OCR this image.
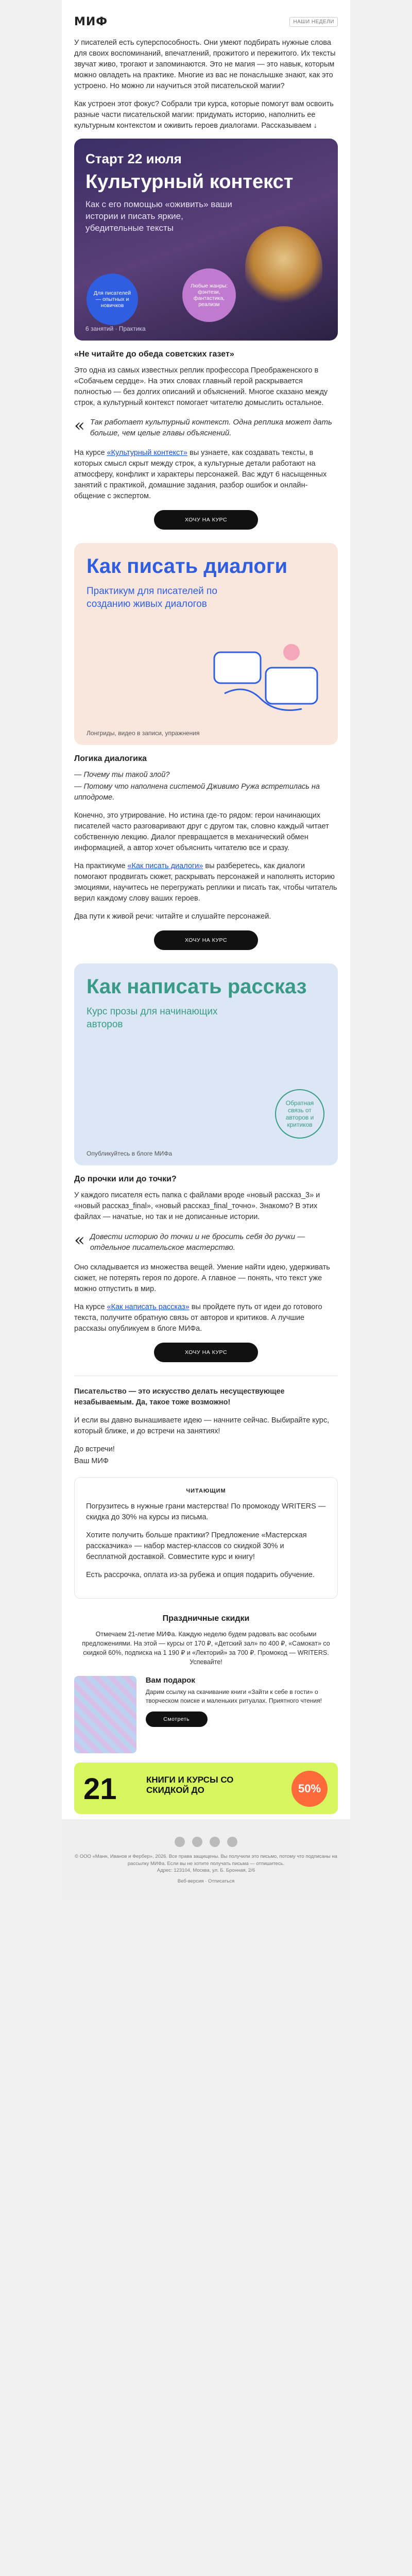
МИФ	НАШИ НЕДЕЛИ
У писателей есть суперспособность. Они умеют подбирать нужные слова для своих воспоминаний, впечатлений, прожитого и пережитого. Их тексты звучат живо, трогают и запоминаются. Это не магия — это навык, которым можно овладеть на практике. Многие из вас не понаслышке знают, как это устроено. Но можно ли научиться этой писательской магии?
Как устроен этот фокус? Собрали три курса, которые помогут вам освоить разные части писательской магии: придумать историю, наполнить ее культурным контекстом и оживить героев диалогами. Рассказываем ↓
Старт 22 июля
Культурный контекст
Как с его помощью «оживить» ваши истории и писать яркие, убедительные тексты
Для писателей — опытных и новичков
Любые жанры: фэнтези, фантастика, реализм
6 занятий · Практика
«Не читайте до обеда советских газет»
Это одна из самых известных реплик профессора Преображенского в «Собачьем сердце». На этих словах главный герой раскрывается полностью — без долгих описаний и объяснений. Многое сказано между строк, а культурный контекст помогает читателю домыслить остальное.
« Так работает культурный контекст. Одна реплика может дать больше, чем целые главы объяснений.
На курсе «Культурный контекст» вы узнаете, как создавать тексты, в которых смысл скрыт между строк, а культурные детали работают на атмосферу, конфликт и характеры персонажей. Вас ждут 6 насыщенных занятий с практикой, домашние задания, разбор ошибок и онлайн-общение с экспертом.
ХОЧУ НА КУРС
Как писать диалоги
Практикум для писателей по созданию живых диалогов
Лонгриды, видео в записи, упражнения
Логика диалогика
— Почему ты такой злой?
— Потому что наполнена системой Дживимо Ружа встретилась на ипподроме.
Конечно, это утрирование. Но истина где-то рядом: герои начинающих писателей часто разговаривают друг с другом так, словно каждый читает собственную лекцию. Диалог превращается в механический обмен информацией, а автор хочет объяснить читателю все и сразу.
На практикуме «Как писать диалоги» вы разберетесь, как диалоги помогают продвигать сюжет, раскрывать персонажей и наполнять историю эмоциями, научитесь не перегружать реплики и писать так, чтобы читатель верил каждому слову ваших героев.
Два пути к живой речи: читайте и слушайте персонажей.
ХОЧУ НА КУРС
Как написать рассказ
Курс прозы для начинающих авторов
Обратная связь от авторов и критиков
Опубликуйтесь в блоге МИФа
До прочки или до точки?
У каждого писателя есть папка с файлами вроде «новый рассказ_3» и «новый рассказ_final», «новый рассказ_final_точно». Знакомо? В этих файлах — начатые, но так и не дописанные истории.
« Довести историю до точки и не бросить себя до ручки — отдельное писательское мастерство.
Оно складывается из множества вещей. Умение найти идею, удерживать сюжет, не потерять героя по дороге. А главное — понять, что текст уже можно отпустить в мир.
На курсе «Как написать рассказ» вы пройдете путь от идеи до готового текста, получите обратную связь от авторов и критиков. А лучшие рассказы опубликуем в блоге МИФа.
ХОЧУ НА КУРС
Писательство — это искусство делать несуществующее незабываемым. Да, такое тоже возможно!
И если вы давно вынашиваете идею — начните сейчас. Выбирайте курс, который ближе, и до встречи на занятиях!
До встречи!
Ваш МИФ
ЧИТАЮЩИМ
Погрузитесь в нужные грани мастерства! По промокоду WRITERS — скидка до 30% на курсы из письма.
Хотите получить больше практики? Предложение «Мастерская рассказчика» — набор мастер-классов со скидкой 30% и бесплатной доставкой. Совместите курс и книгу!
Есть рассрочка, оплата из-за рубежа и опция подарить обучение.
Праздничные скидки
Отмечаем 21-летие МИФа. Каждую неделю будем радовать вас особыми предложениями. На этой — курсы от 170 ₽, «Детский зал» по 400 ₽, «Самокат» со скидкой 60%, подписка на 1 190 ₽ и «Лекторий» за 700 ₽. Промокод — WRITERS. Успевайте!
Вам подарок
Дарим ссылку на скачивание книги «Зайти к себе в гости» о творческом поиске и маленьких ритуалах. Приятного чтения!
Смотреть
21	КНИГИ И КУРСЫ СО СКИДКОЙ ДО	50%
© ООО «Манн, Иванов и Фербер», 2026. Все права защищены. Вы получили это письмо, потому что подписаны на рассылку МИФа. Если вы не хотите получать письма — отпишитесь.
Адрес: 123104, Москва, ул. Б. Бронная, 2/6
Веб-версия · Отписаться
